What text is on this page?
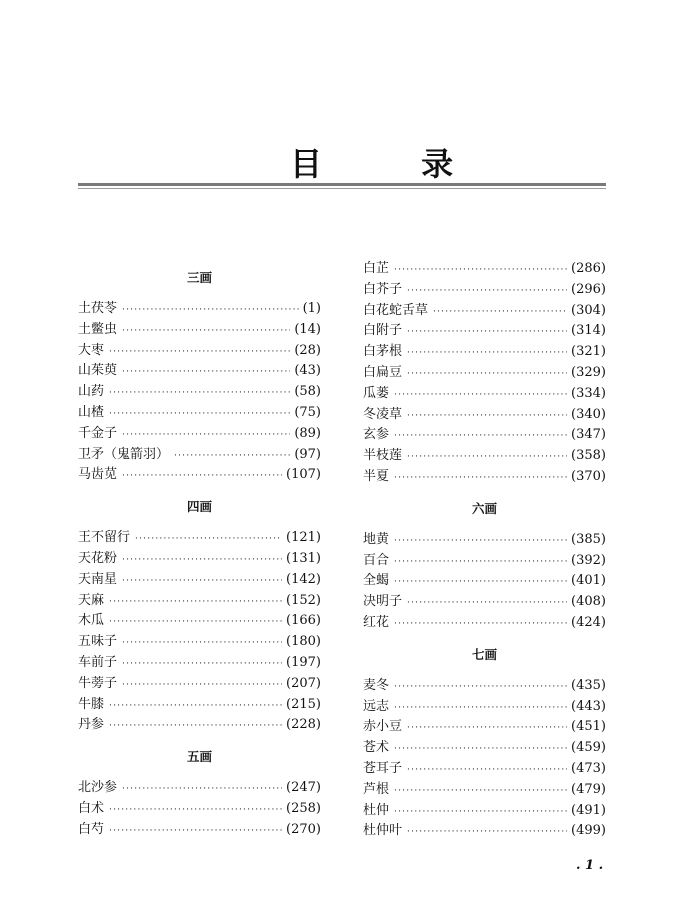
目 录
三画
土茯苓 ·····	(1)
土鳖虫 ·····	(14)
大枣 ·····	(28)
山茱萸 ·····	(43)
山药 ·····	(58)
山楂 ·····	(75)
千金子 ·····	(89)
卫矛（鬼箭羽） ·····	(97)
马齿苋 ·····	(107)
四画
王不留行 ·····	(121)
天花粉 ·····	(131)
天南星 ·····	(142)
天麻 ·····	(152)
木瓜 ·····	(166)
五味子 ·····	(180)
车前子 ·····	(197)
牛蒡子 ·····	(207)
牛膝 ·····	(215)
丹参 ·····	(228)
五画
北沙参 ·····	(247)
白术 ·····	(258)
白芍 ·····	(270)
白芷 ·····	(286)
白芥子 ·····	(296)
白花蛇舌草 ·····	(304)
白附子 ·····	(314)
白茅根 ·····	(321)
白扁豆 ·····	(329)
瓜蒌 ·····	(334)
冬凌草 ·····	(340)
玄参 ·····	(347)
半枝莲 ·····	(358)
半夏 ·····	(370)
六画
地黄 ·····	(385)
百合 ·····	(392)
全蝎 ·····	(401)
决明子 ·····	(408)
红花 ·····	(424)
七画
麦冬 ·····	(435)
远志 ·····	(443)
赤小豆 ·····	(451)
苍术 ·····	(459)
苍耳子 ·····	(473)
芦根 ·····	(479)
杜仲 ·····	(491)
杜仲叶 ·····	(499)
. 1 .
